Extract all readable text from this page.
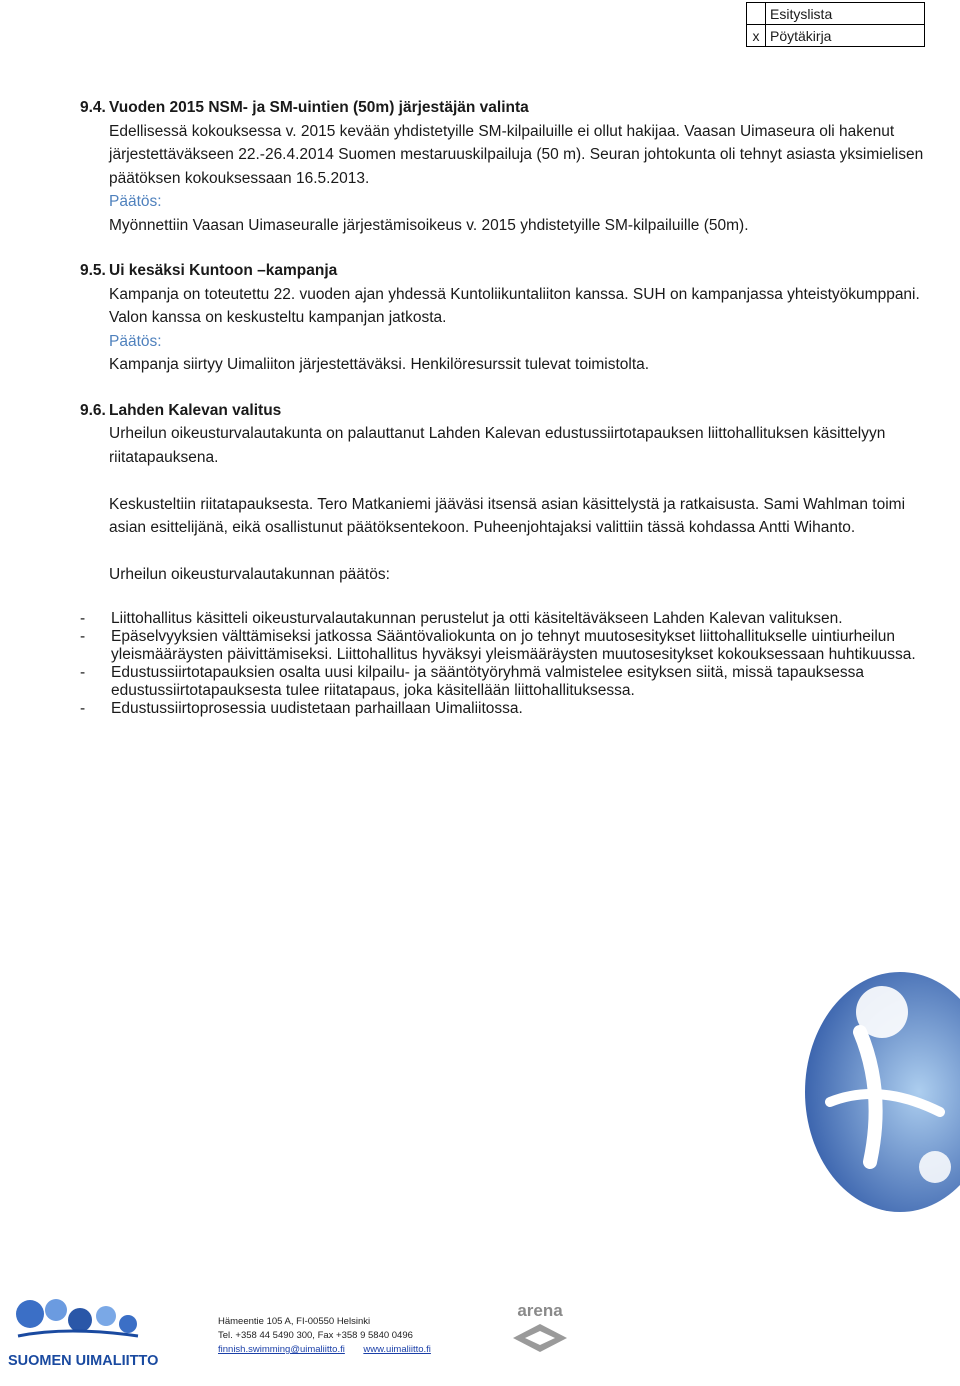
	Esityslista
x	Pöytäkirja
9.4. Vuoden 2015 NSM- ja SM-uintien (50m) järjestäjän valinta

Edellisessä kokouksessa v. 2015 kevään yhdistetyille SM-kilpailuille ei ollut hakijaa. Vaasan Uimaseura oli hakenut järjestettäväkseen 22.-26.4.2014 Suomen mestaruuskilpailuja (50 m). Seuran johtokunta oli tehnyt asiasta yksimielisen päätöksen kokouksessaan 16.5.2013.

Päätös:

Myönnettiin Vaasan Uimaseuralle järjestämisoikeus v. 2015 yhdistetyille SM-kilpailuille (50m).

9.5. Ui kesäksi Kuntoon –kampanja

Kampanja on toteutettu 22. vuoden ajan yhdessä Kuntoliikuntaliiton kanssa. SUH on kampanjassa yhteistyökumppani. Valon kanssa on keskusteltu kampanjan jatkosta.

Päätös:

Kampanja siirtyy Uimaliiton järjestettäväksi. Henkilöresurssit tulevat toimistolta.

9.6. Lahden Kalevan valitus

Urheilun oikeusturvalautakunta on palauttanut Lahden Kalevan edustussiirtotapauksen liittohallituksen käsittelyyn riitatapauksena.

Keskusteltiin riitatapauksesta. Tero Matkaniemi jääväsi itsensä asian käsittelystä ja ratkaisusta. Sami Wahlman toimi asian esittelijänä, eikä osallistunut päätöksentekoon. Puheenjohtajaksi valittiin tässä kohdassa Antti Wihanto.

Urheilun oikeusturvalautakunnan päätös:

- Liittohallitus käsitteli oikeusturvalautakunnan perustelut ja otti käsiteltäväkseen Lahden Kalevan valituksen.
- Epäselvyyksien välttämiseksi jatkossa Sääntövaliokunta on jo tehnyt muutosesitykset liittohallitukselle uintiurheilun yleismääräysten päivittämiseksi. Liittohallitus hyväksyi yleismääräysten muutosesitykset kokouksessaan huhtikuussa.
- Edustussiirtotapauksien osalta uusi kilpailu- ja sääntötyöryhmä valmistelee esityksen siitä, missä tapauksessa edustussiirtotapauksesta tulee riitatapaus, joka käsitellään liittohallituksessa.
- Edustussiirtoprosessia uudistetaan parhaillaan Uimaliitossa.
SUOMEN UIMALIITTO
Hämeentie 105 A, FI-00550 Helsinki
Tel. +358 44 5490 300, Fax +358 9 5840 0496
finnish.swimming@uimaliitto.fi www.uimaliitto.fi
arena
